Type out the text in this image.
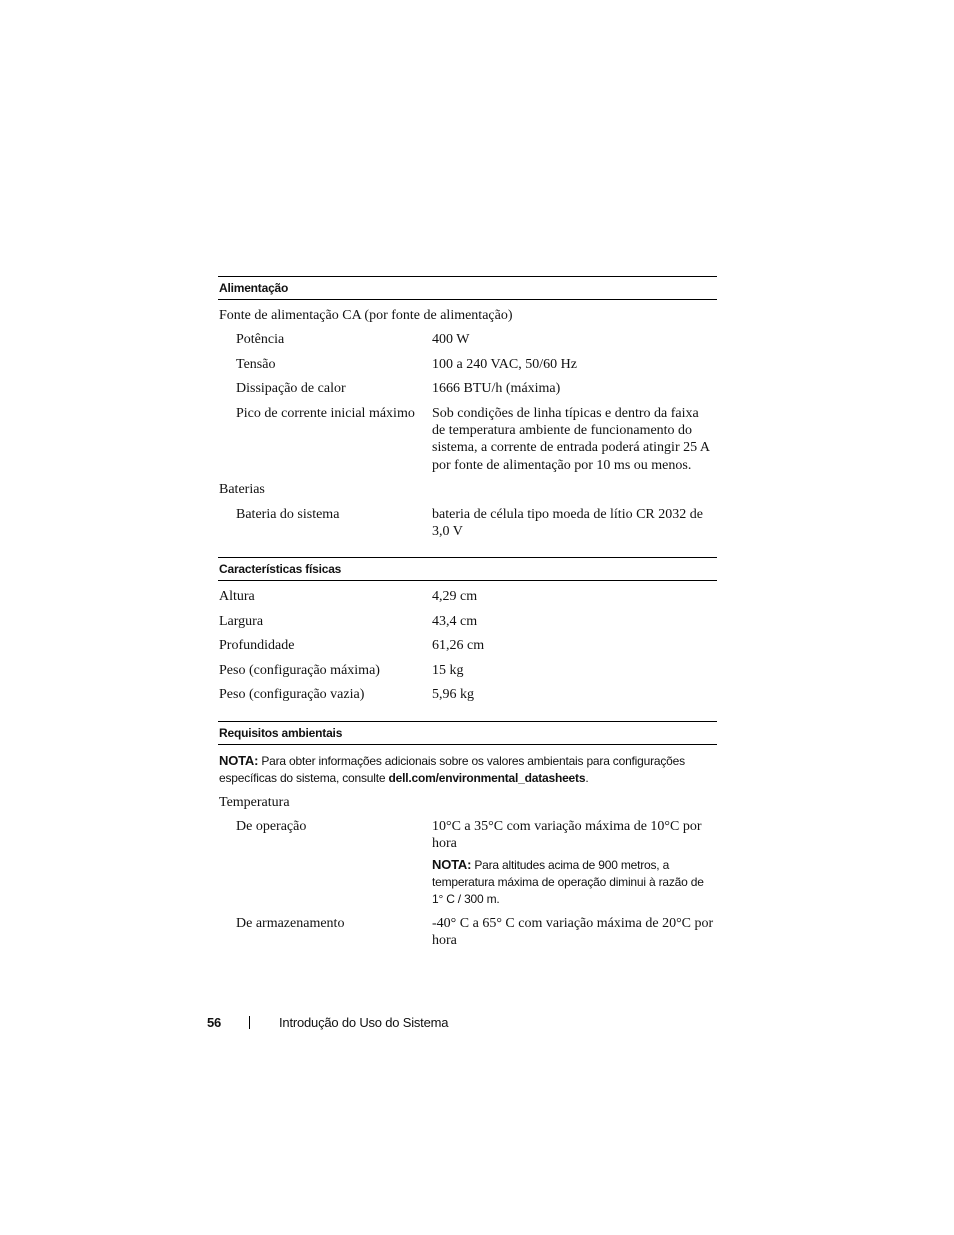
Alimentação
Fonte de alimentação CA (por fonte de alimentação)
Potência	400 W
Tensão	100 a 240 VAC, 50/60 Hz
Dissipação de calor	1666 BTU/h (máxima)
Pico de corrente inicial máximo	Sob condições de linha típicas e dentro da faixa de temperatura ambiente de funcionamento do sistema, a corrente de entrada poderá atingir 25 A por fonte de alimentação por 10 ms ou menos.
Baterias
Bateria do sistema	bateria de célula tipo moeda de lítio CR 2032 de 3,0 V
Características físicas
Altura	4,29 cm
Largura	43,4 cm
Profundidade	61,26 cm
Peso (configuração máxima)	15 kg
Peso (configuração vazia)	5,96 kg
Requisitos ambientais
NOTA: Para obter informações adicionais sobre os valores ambientais para configurações específicas do sistema, consulte dell.com/environmental_datasheets.
Temperatura
De operação	10°C a 35°C com variação máxima de 10°C por hora
NOTA: Para altitudes acima de 900 metros, a temperatura máxima de operação diminui à razão de 1° C / 300 m.
De armazenamento	-40° C a 65° C com variação máxima de 20°C por hora
56	Introdução do Uso do Sistema
